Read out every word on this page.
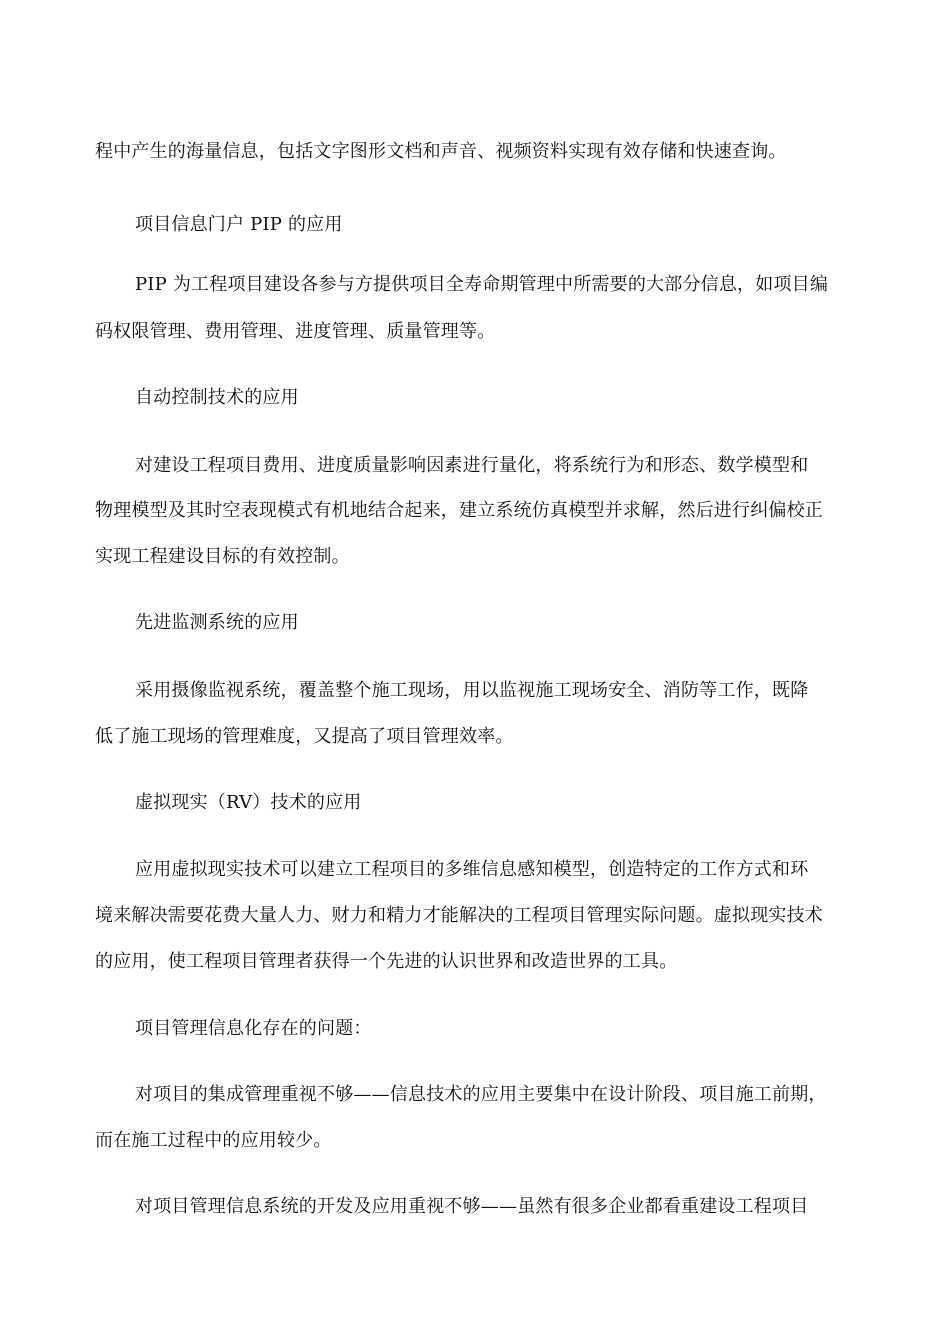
程中产生的海量信息，包括文字图形文档和声音、视频资料实现有效存储和快速查询。
项目信息门户 PIP 的应用
PIP 为工程项目建设各参与方提供项目全寿命期管理中所需要的大部分信息，如项目编
码权限管理、费用管理、进度管理、质量管理等。
自动控制技术的应用
对建设工程项目费用、进度质量影响因素进行量化，将系统行为和形态、数学模型和
物理模型及其时空表现模式有机地结合起来，建立系统仿真模型并求解，然后进行纠偏校正
实现工程建设目标的有效控制。
先进监测系统的应用
采用摄像监视系统，覆盖整个施工现场，用以监视施工现场安全、消防等工作，既降
低了施工现场的管理难度，又提高了项目管理效率。
虚拟现实（RV）技术的应用
应用虚拟现实技术可以建立工程项目的多维信息感知模型，创造特定的工作方式和环
境来解决需要花费大量人力、财力和精力才能解决的工程项目管理实际问题。虚拟现实技术
的应用，使工程项目管理者获得一个先进的认识世界和改造世界的工具。
项目管理信息化存在的问题：
对项目的集成管理重视不够——信息技术的应用主要集中在设计阶段、项目施工前期，
而在施工过程中的应用较少。
对项目管理信息系统的开发及应用重视不够——虽然有很多企业都看重建设工程项目
